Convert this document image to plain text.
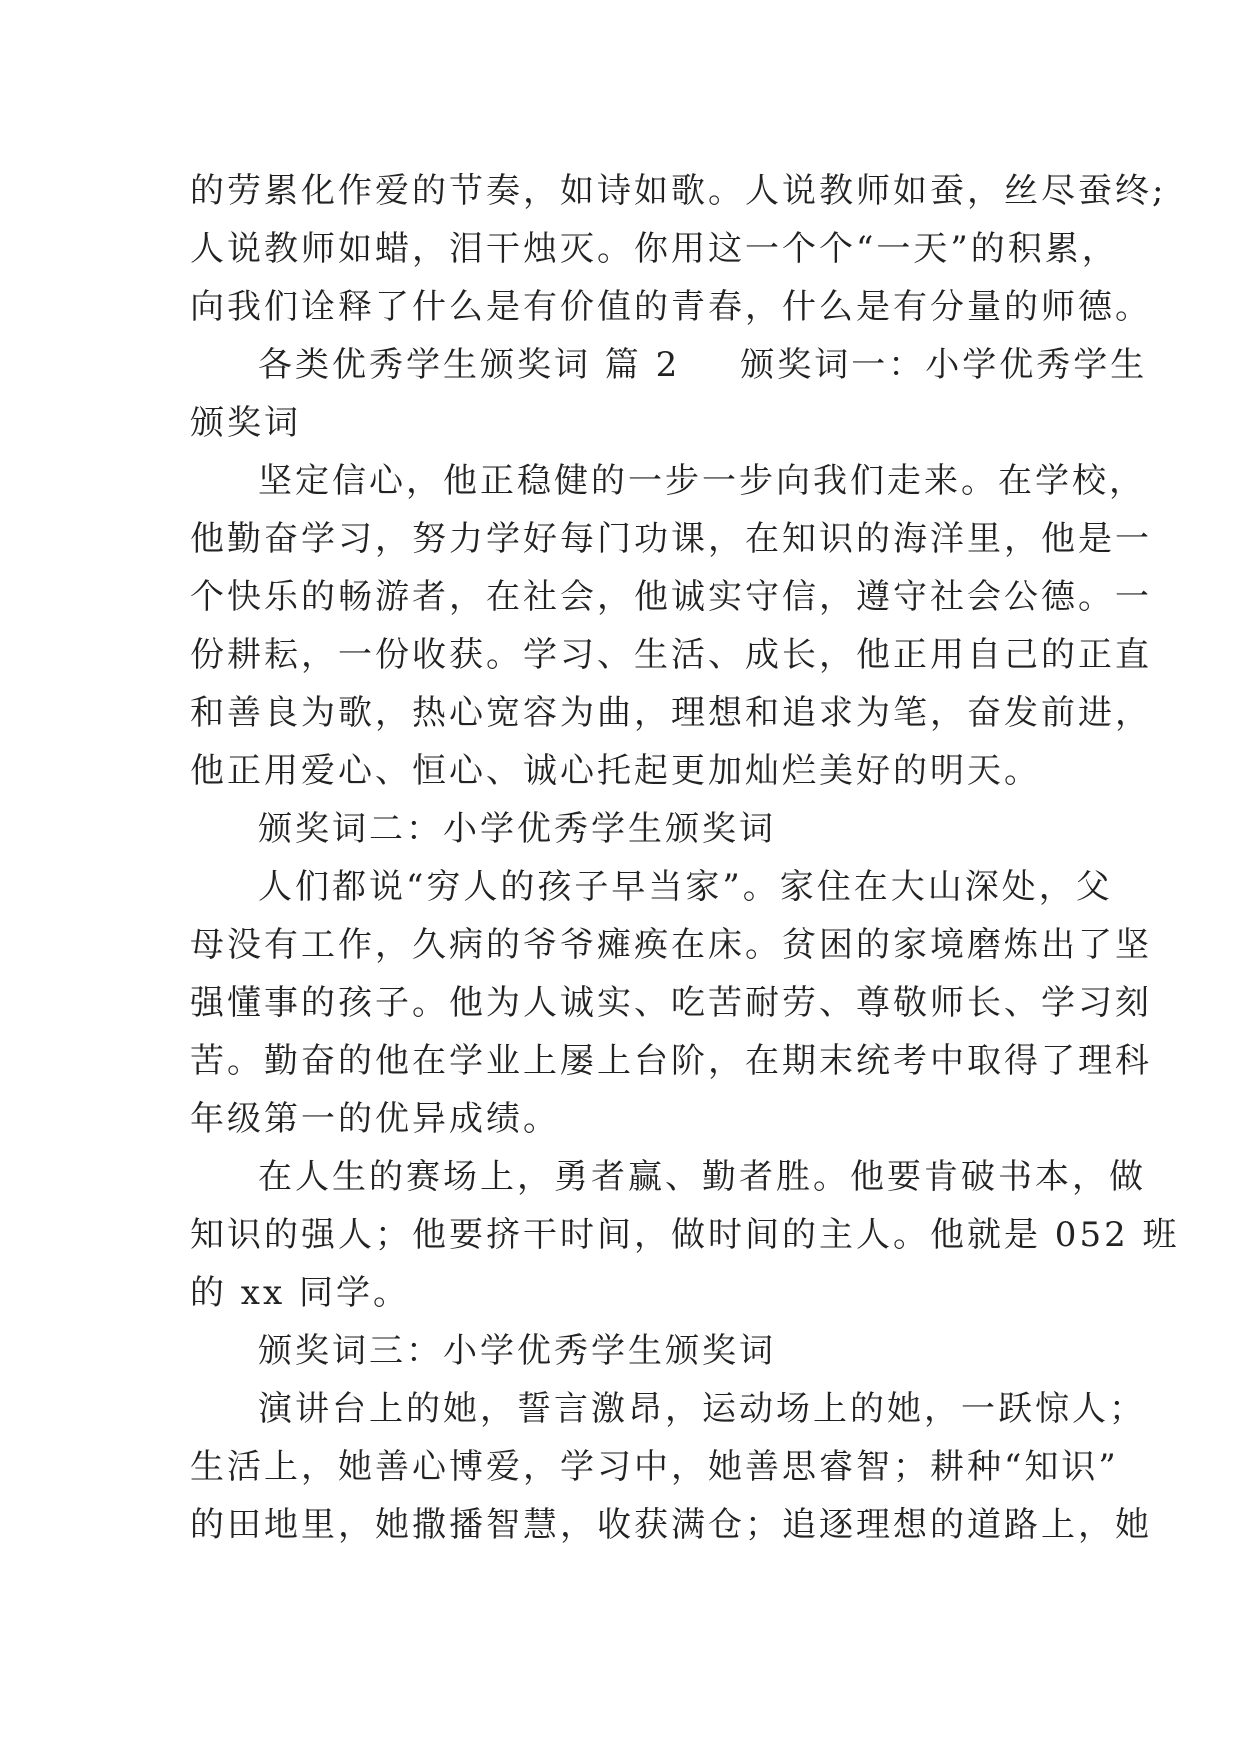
的劳累化作爱的节奏，如诗如歌。人说教师如蚕，丝尽蚕终;
人说教师如蜡，泪干烛灭。你用这一个个“一天”的积累，
向我们诠释了什么是有价值的青春，什么是有分量的师德。
各类优秀学生颁奖词 篇 2 颁奖词一：小学优秀学生
颁奖词
坚定信心，他正稳健的一步一步向我们走来。在学校，
他勤奋学习，努力学好每门功课，在知识的海洋里，他是一
个快乐的畅游者，在社会，他诚实守信，遵守社会公德。一
份耕耘，一份收获。学习、生活、成长，他正用自己的正直
和善良为歌，热心宽容为曲，理想和追求为笔，奋发前进，
他正用爱心、恒心、诚心托起更加灿烂美好的明天。
颁奖词二：小学优秀学生颁奖词
人们都说“穷人的孩子早当家”。家住在大山深处，父
母没有工作，久病的爷爷瘫痪在床。贫困的家境磨炼出了坚
强懂事的孩子。他为人诚实、吃苦耐劳、尊敬师长、学习刻
苦。勤奋的他在学业上屡上台阶，在期末统考中取得了理科
年级第一的优异成绩。
在人生的赛场上，勇者赢、勤者胜。他要肯破书本，做
知识的强人；他要挤干时间，做时间的主人。他就是 052 班
的 xx 同学。
颁奖词三：小学优秀学生颁奖词
演讲台上的她，誓言激昂，运动场上的她，一跃惊人；
生活上，她善心博爱，学习中，她善思睿智；耕种“知识”
的田地里，她撒播智慧，收获满仓；追逐理想的道路上，她
